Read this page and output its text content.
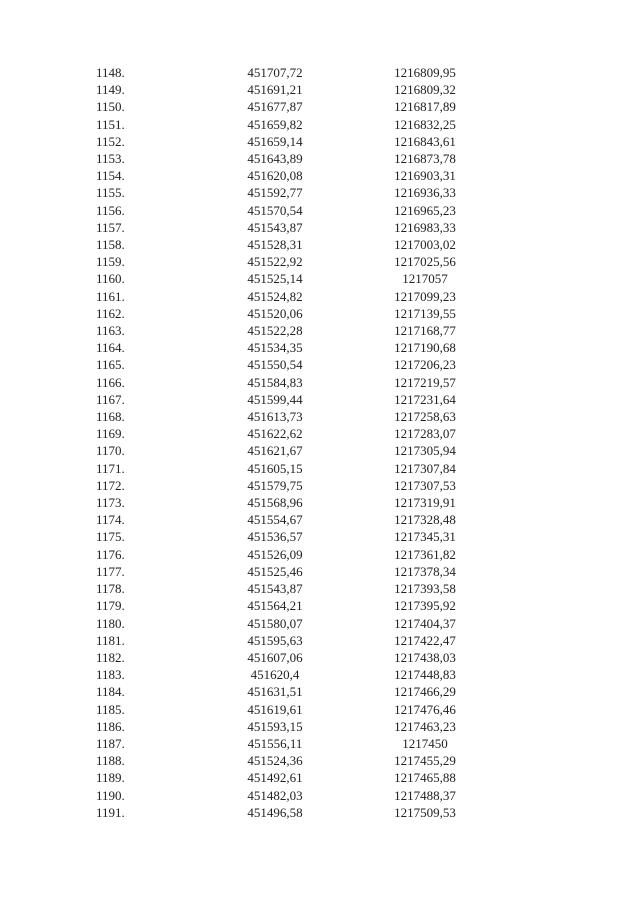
1148.	451707,72	1216809,95
1149.	451691,21	1216809,32
1150.	451677,87	1216817,89
1151.	451659,82	1216832,25
1152.	451659,14	1216843,61
1153.	451643,89	1216873,78
1154.	451620,08	1216903,31
1155.	451592,77	1216936,33
1156.	451570,54	1216965,23
1157.	451543,87	1216983,33
1158.	451528,31	1217003,02
1159.	451522,92	1217025,56
1160.	451525,14	1217057
1161.	451524,82	1217099,23
1162.	451520,06	1217139,55
1163.	451522,28	1217168,77
1164.	451534,35	1217190,68
1165.	451550,54	1217206,23
1166.	451584,83	1217219,57
1167.	451599,44	1217231,64
1168.	451613,73	1217258,63
1169.	451622,62	1217283,07
1170.	451621,67	1217305,94
1171.	451605,15	1217307,84
1172.	451579,75	1217307,53
1173.	451568,96	1217319,91
1174.	451554,67	1217328,48
1175.	451536,57	1217345,31
1176.	451526,09	1217361,82
1177.	451525,46	1217378,34
1178.	451543,87	1217393,58
1179.	451564,21	1217395,92
1180.	451580,07	1217404,37
1181.	451595,63	1217422,47
1182.	451607,06	1217438,03
1183.	451620,4	1217448,83
1184.	451631,51	1217466,29
1185.	451619,61	1217476,46
1186.	451593,15	1217463,23
1187.	451556,11	1217450
1188.	451524,36	1217455,29
1189.	451492,61	1217465,88
1190.	451482,03	1217488,37
1191.	451496,58	1217509,53
